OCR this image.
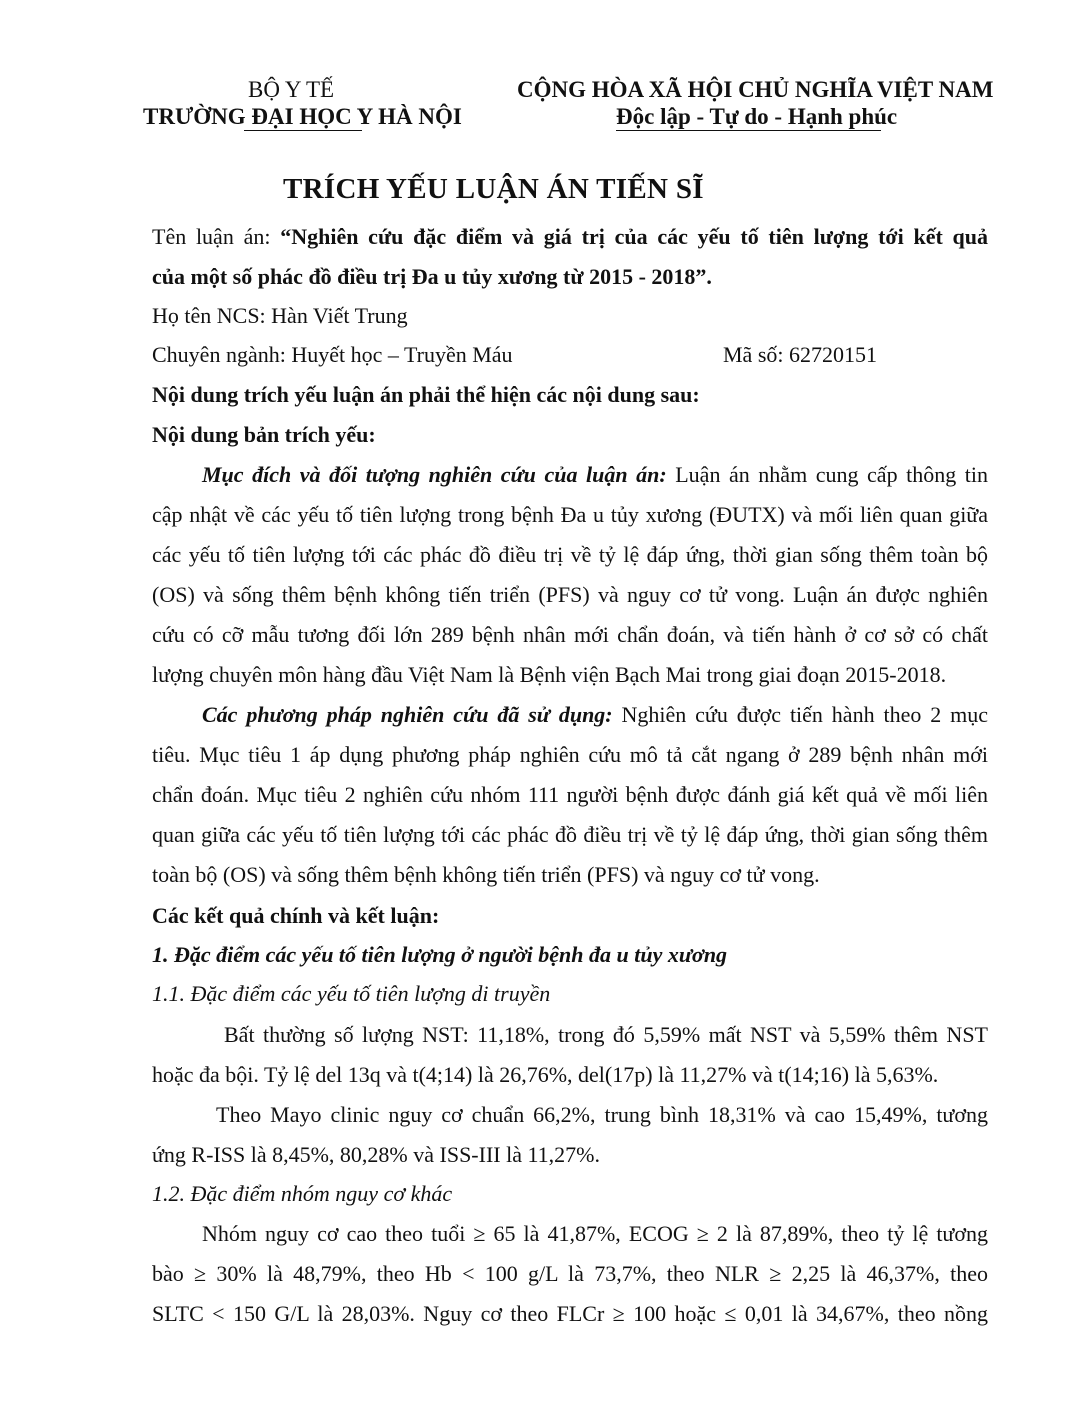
BỘ Y TẾ
TRƯỜNG ĐẠI HỌC Y HÀ NỘI
CỘNG HÒA XÃ HỘI CHỦ NGHĨA VIỆT NAM
Độc lập - Tự do - Hạnh phúc
TRÍCH YẾU LUẬN ÁN TIẾN SĨ
Tên luận án: “Nghiên cứu đặc điểm và giá trị của các yếu tố tiên lượng tới kết quả
của một số phác đồ điều trị Đa u tủy xương từ 2015 - 2018”.
Họ tên NCS: Hàn Viết Trung
Chuyên ngành: Huyết học – Truyền Máu	Mã số: 62720151
Nội dung trích yếu luận án phải thể hiện các nội dung sau:
Nội dung bản trích yếu:
Mục đích và đối tượng nghiên cứu của luận án: Luận án nhằm cung cấp thông tin
cập nhật về các yếu tố tiên lượng trong bệnh Đa u tủy xương (ĐUTX) và mối liên quan giữa
các yếu tố tiên lượng tới các phác đồ điều trị về tỷ lệ đáp ứng, thời gian sống thêm toàn bộ
(OS) và sống thêm bệnh không tiến triển (PFS) và nguy cơ tử vong. Luận án được nghiên
cứu có cỡ mẫu tương đối lớn 289 bệnh nhân mới chẩn đoán, và tiến hành ở cơ sở có chất
lượng chuyên môn hàng đầu Việt Nam là Bệnh viện Bạch Mai trong giai đoạn 2015-2018.
Các phương pháp nghiên cứu đã sử dụng: Nghiên cứu được tiến hành theo 2 mục
tiêu. Mục tiêu 1 áp dụng phương pháp nghiên cứu mô tả cắt ngang ở 289 bệnh nhân mới
chẩn đoán. Mục tiêu 2 nghiên cứu nhóm 111 người bệnh được đánh giá kết quả về mối liên
quan giữa các yếu tố tiên lượng tới các phác đồ điều trị về tỷ lệ đáp ứng, thời gian sống thêm
toàn bộ (OS) và sống thêm bệnh không tiến triển (PFS) và nguy cơ tử vong.
Các kết quả chính và kết luận:
1. Đặc điểm các yếu tố tiên lượng ở người bệnh đa u tủy xương
1.1. Đặc điểm các yếu tố tiên lượng di truyền
Bất thường số lượng NST: 11,18%, trong đó 5,59% mất NST và 5,59% thêm NST
hoặc đa bội. Tỷ lệ del 13q và t(4;14) là 26,76%, del(17p) là 11,27% và t(14;16) là 5,63%.
Theo Mayo clinic nguy cơ chuẩn 66,2%, trung bình 18,31% và cao 15,49%, tương
ứng R-ISS là 8,45%, 80,28% và ISS-III là 11,27%.
1.2. Đặc điểm nhóm nguy cơ khác
Nhóm nguy cơ cao theo tuổi ≥ 65 là 41,87%, ECOG ≥ 2 là 87,89%, theo tỷ lệ tương
bào ≥ 30% là 48,79%, theo Hb < 100 g/L là 73,7%, theo NLR ≥ 2,25 là 46,37%, theo
SLTC < 150 G/L là 28,03%. Nguy cơ theo FLCr ≥ 100 hoặc ≤ 0,01 là 34,67%, theo nồng
